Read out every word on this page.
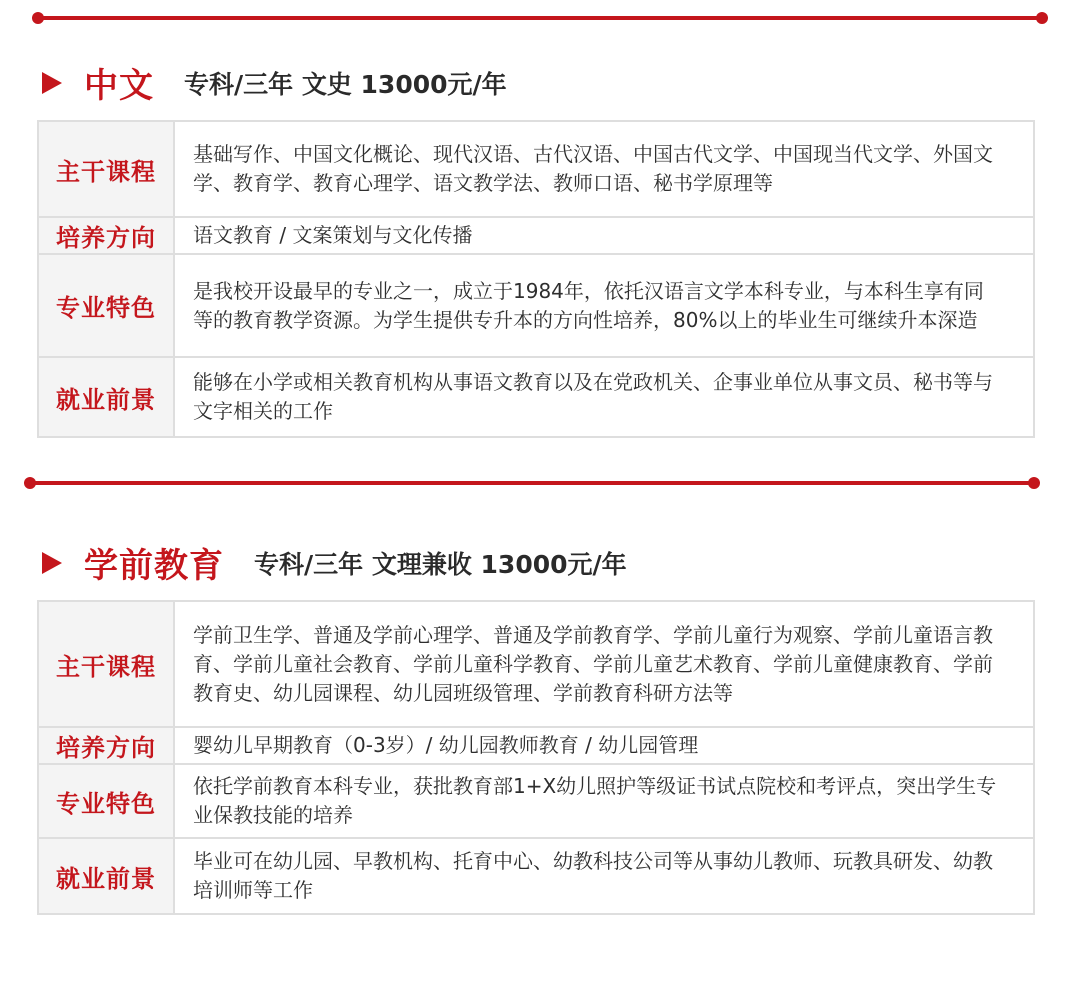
中文 专科/三年 文史 13000元/年
主干课程	基础写作、中国文化概论、现代汉语、古代汉语、中国古代文学、中国现当代文学、外国文学、教育学、教育心理学、语文教学法、教师口语、秘书学原理等
培养方向	语文教育 / 文案策划与文化传播
专业特色	是我校开设最早的专业之一，成立于1984年，依托汉语言文学本科专业，与本科生享有同等的教育教学资源。为学生提供专升本的方向性培养，80%以上的毕业生可继续升本深造
就业前景	能够在小学或相关教育机构从事语文教育以及在党政机关、企事业单位从事文员、秘书等与文字相关的工作
学前教育 专科/三年 文理兼收 13000元/年
主干课程	学前卫生学、普通及学前心理学、普通及学前教育学、学前儿童行为观察、学前儿童语言教育、学前儿童社会教育、学前儿童科学教育、学前儿童艺术教育、学前儿童健康教育、学前教育史、幼儿园课程、幼儿园班级管理、学前教育科研方法等
培养方向	婴幼儿早期教育（0-3岁）/ 幼儿园教师教育 / 幼儿园管理
专业特色	依托学前教育本科专业，获批教育部1+X幼儿照护等级证书试点院校和考评点，突出学生专业保教技能的培养
就业前景	毕业可在幼儿园、早教机构、托育中心、幼教科技公司等从事幼儿教师、玩教具研发、幼教培训师等工作
